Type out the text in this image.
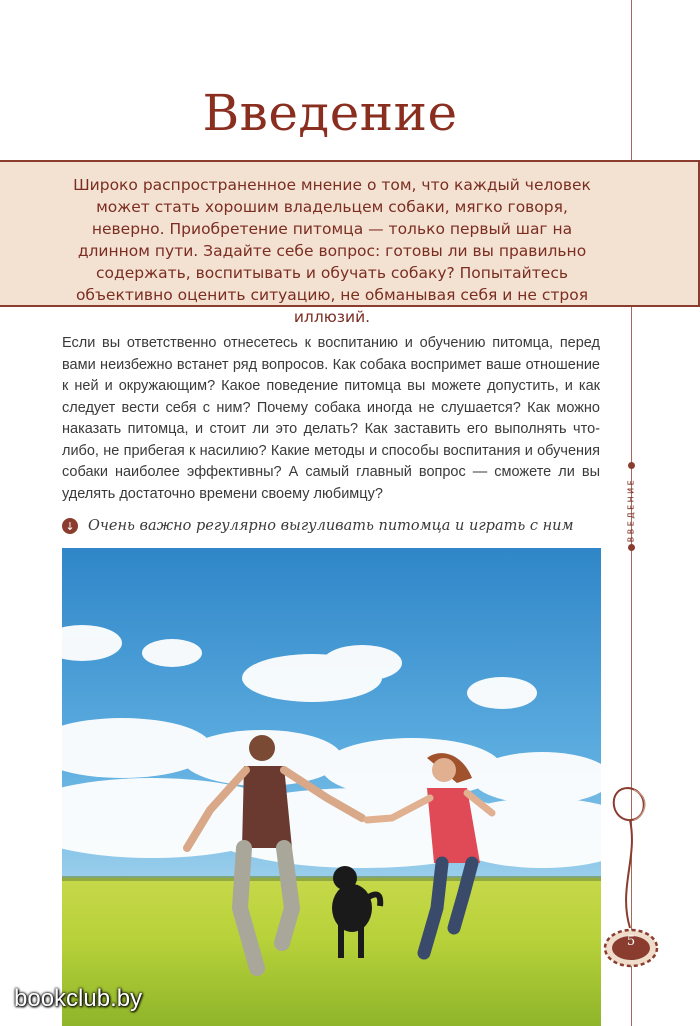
Введение

Широко распространенное мнение о том, что каждый человек может стать хорошим владельцем собаки, мягко говоря, неверно. Приобретение питомца — только первый шаг на длинном пути. Задайте себе вопрос: готовы ли вы правильно содержать, воспитывать и обучать собаку? Попытайтесь объективно оценить ситуацию, не обманывая себя и не строя иллюзий.

Если вы ответственно отнесетесь к воспитанию и обучению питомца, перед вами неизбежно встанет ряд вопросов. Как собака воспримет ваше отношение к ней и окружающим? Какое поведение питомца вы можете допустить, и как следует вести себя с ним? Почему собака иногда не слушается? Как можно наказать питомца, и стоит ли это делать? Как заставить его выполнять что-либо, не прибегая к насилию? Какие методы и способы воспитания и обучения собаки наиболее эффективны? А самый главный вопрос — сможете ли вы уделять достаточно времени своему любимцу?

↓ Очень важно регулярно выгуливать питомца и играть с ним	ВВЕДЕНИЕ
5
bookclub.by
